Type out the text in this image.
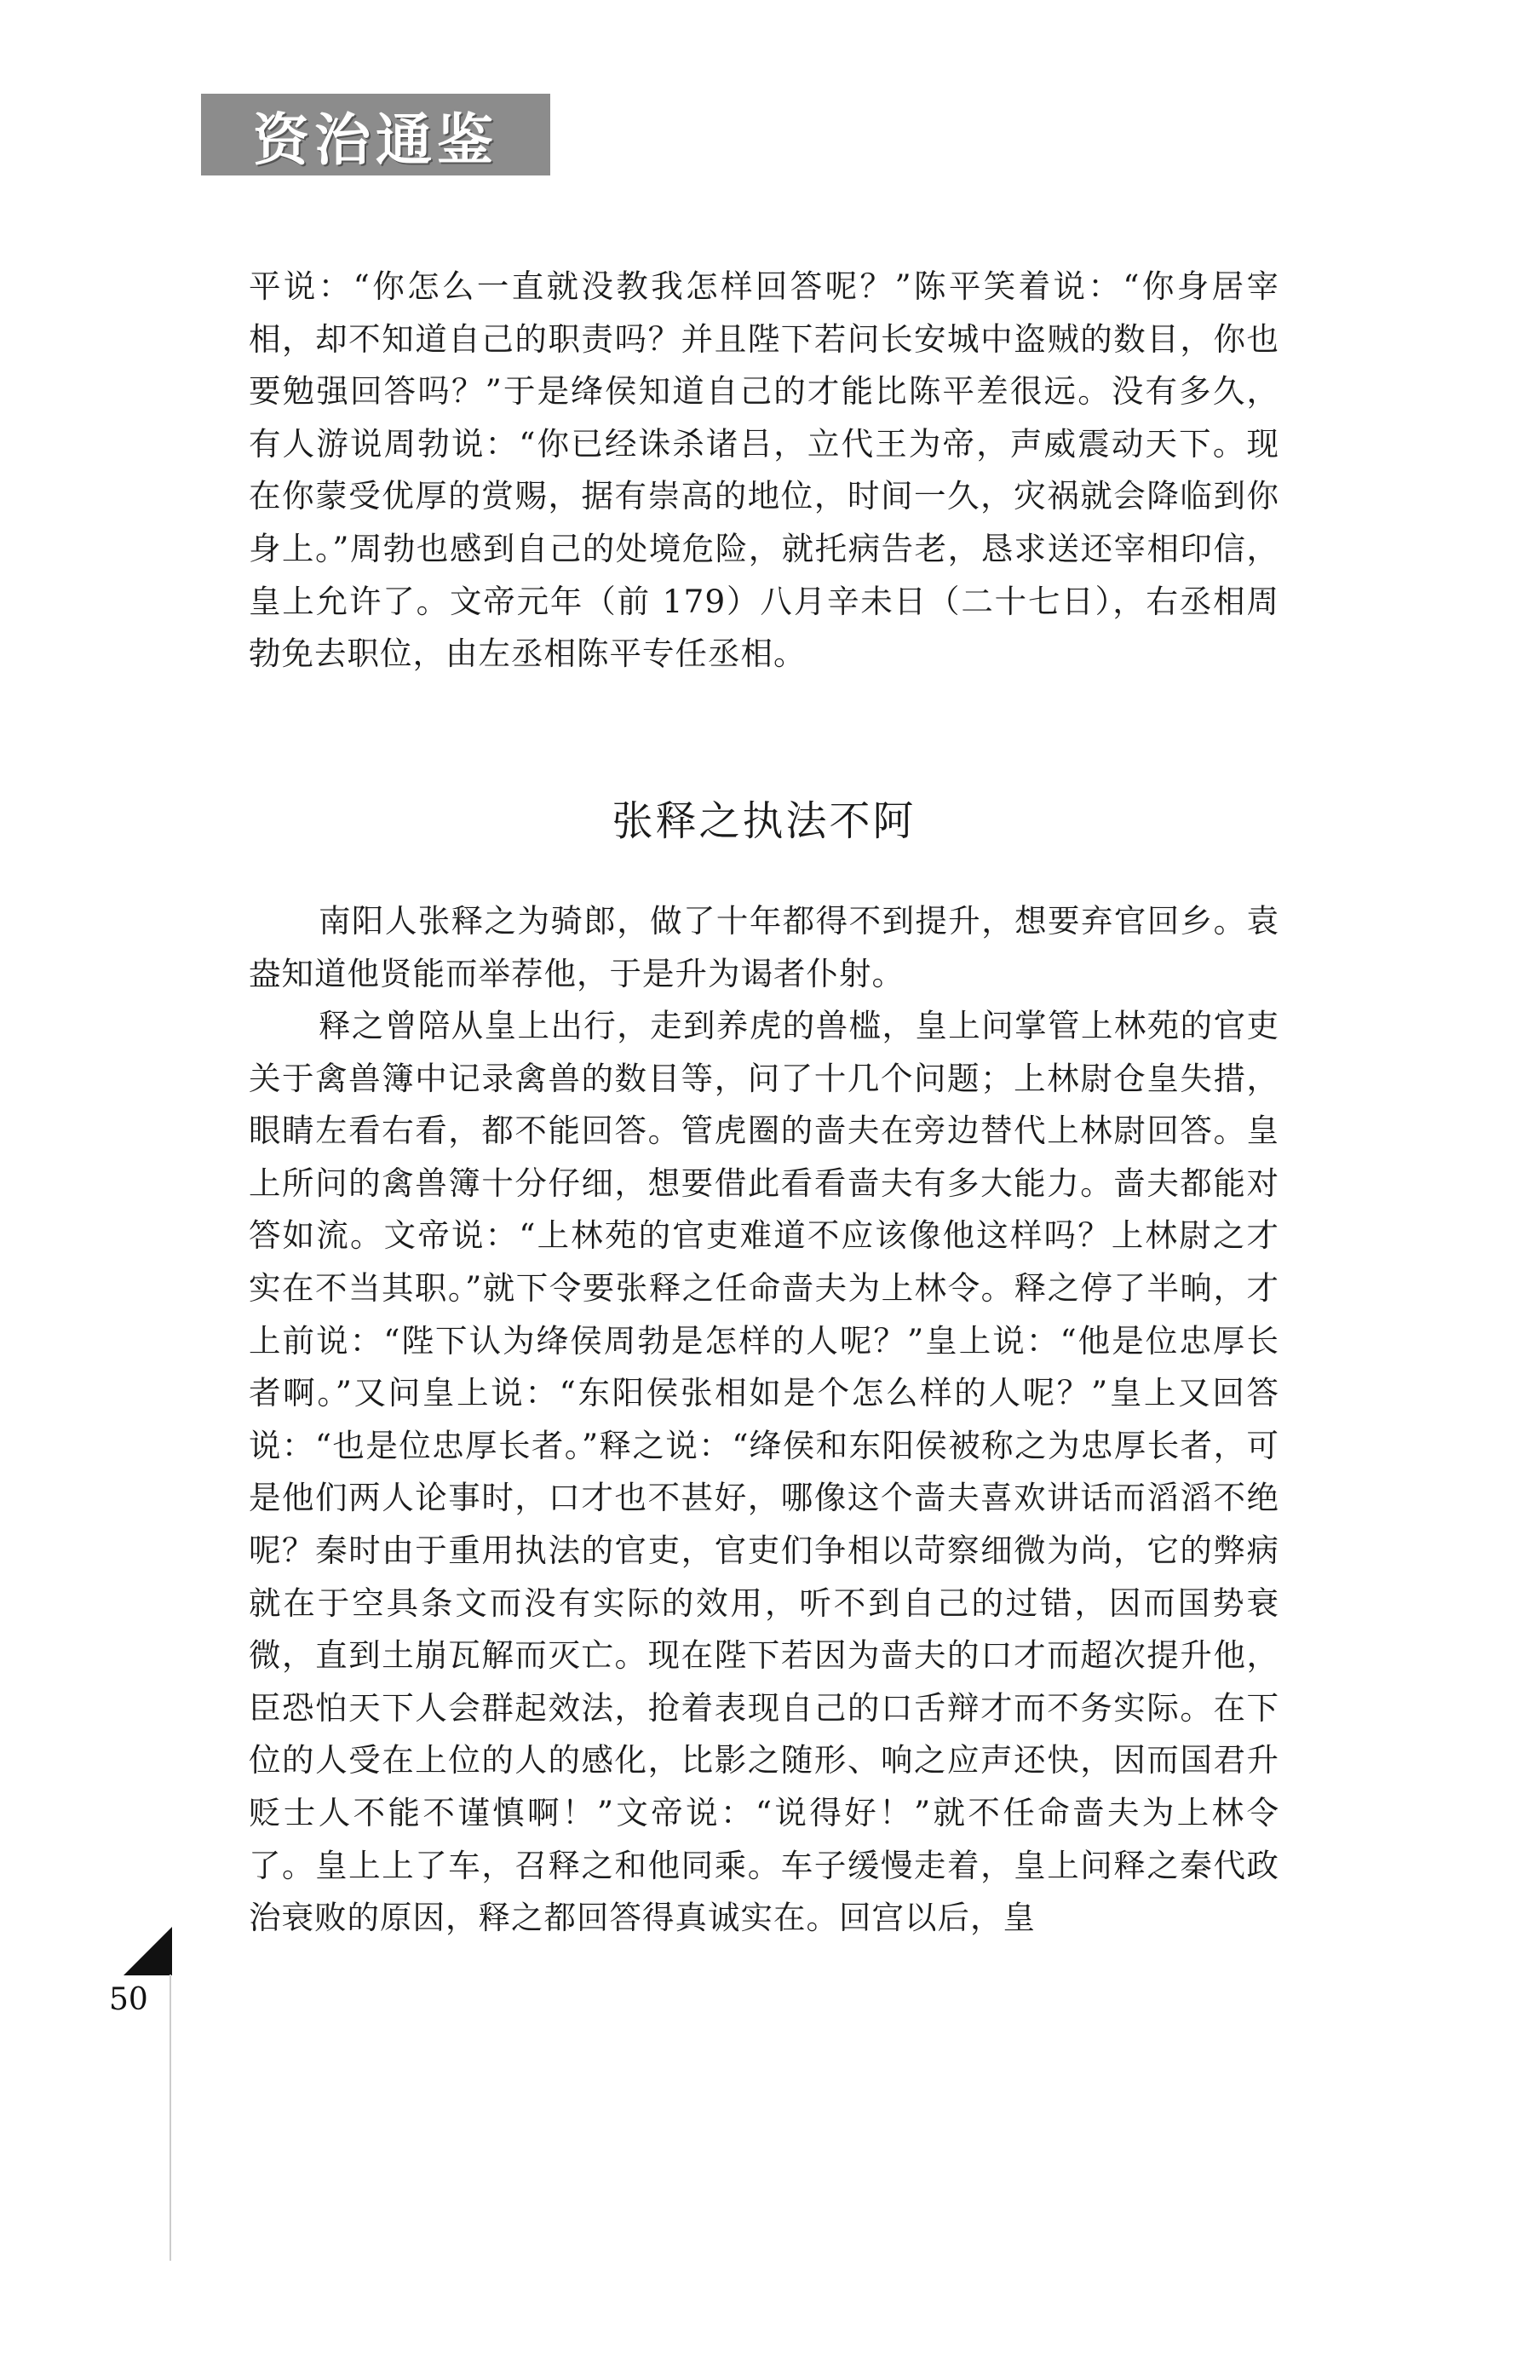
资治通鉴

平说：“你怎么一直就没教我怎样回答呢？”陈平笑着说：“你身居宰相，却不知道自己的职责吗？并且陛下若问长安城中盗贼的数目，你也要勉强回答吗？”于是绛侯知道自己的才能比陈平差很远。没有多久，有人游说周勃说：“你已经诛杀诸吕，立代王为帝，声威震动天下。现在你蒙受优厚的赏赐，据有崇高的地位，时间一久，灾祸就会降临到你身上。”周勃也感到自己的处境危险，就托病告老，恳求送还宰相印信，皇上允许了。文帝元年（前 179）八月辛未日（二十七日），右丞相周勃免去职位，由左丞相陈平专任丞相。

张释之执法不阿

南阳人张释之为骑郎，做了十年都得不到提升，想要弃官回乡。袁盎知道他贤能而举荐他，于是升为谒者仆射。

释之曾陪从皇上出行，走到养虎的兽槛，皇上问掌管上林苑的官吏关于禽兽簿中记录禽兽的数目等，问了十几个问题；上林尉仓皇失措，眼睛左看右看，都不能回答。管虎圈的啬夫在旁边替代上林尉回答。皇上所问的禽兽簿十分仔细，想要借此看看啬夫有多大能力。啬夫都能对答如流。文帝说：“上林苑的官吏难道不应该像他这样吗？上林尉之才实在不当其职。”就下令要张释之任命啬夫为上林令。释之停了半晌，才上前说：“陛下认为绛侯周勃是怎样的人呢？”皇上说：“他是位忠厚长者啊。”又问皇上说：“东阳侯张相如是个怎么样的人呢？”皇上又回答说：“也是位忠厚长者。”释之说：“绛侯和东阳侯被称之为忠厚长者，可是他们两人论事时，口才也不甚好，哪像这个啬夫喜欢讲话而滔滔不绝呢？秦时由于重用执法的官吏，官吏们争相以苛察细微为尚，它的弊病就在于空具条文而没有实际的效用，听不到自己的过错，因而国势衰微，直到土崩瓦解而灭亡。现在陛下若因为啬夫的口才而超次提升他，臣恐怕天下人会群起效法，抢着表现自己的口舌辩才而不务实际。在下位的人受在上位的人的感化，比影之随形、响之应声还快，因而国君升贬士人不能不谨慎啊！”文帝说：“说得好！”就不任命啬夫为上林令了。皇上上了车，召释之和他同乘。车子缓慢走着，皇上问释之秦代政治衰败的原因，释之都回答得真诚实在。回宫以后，皇

50
